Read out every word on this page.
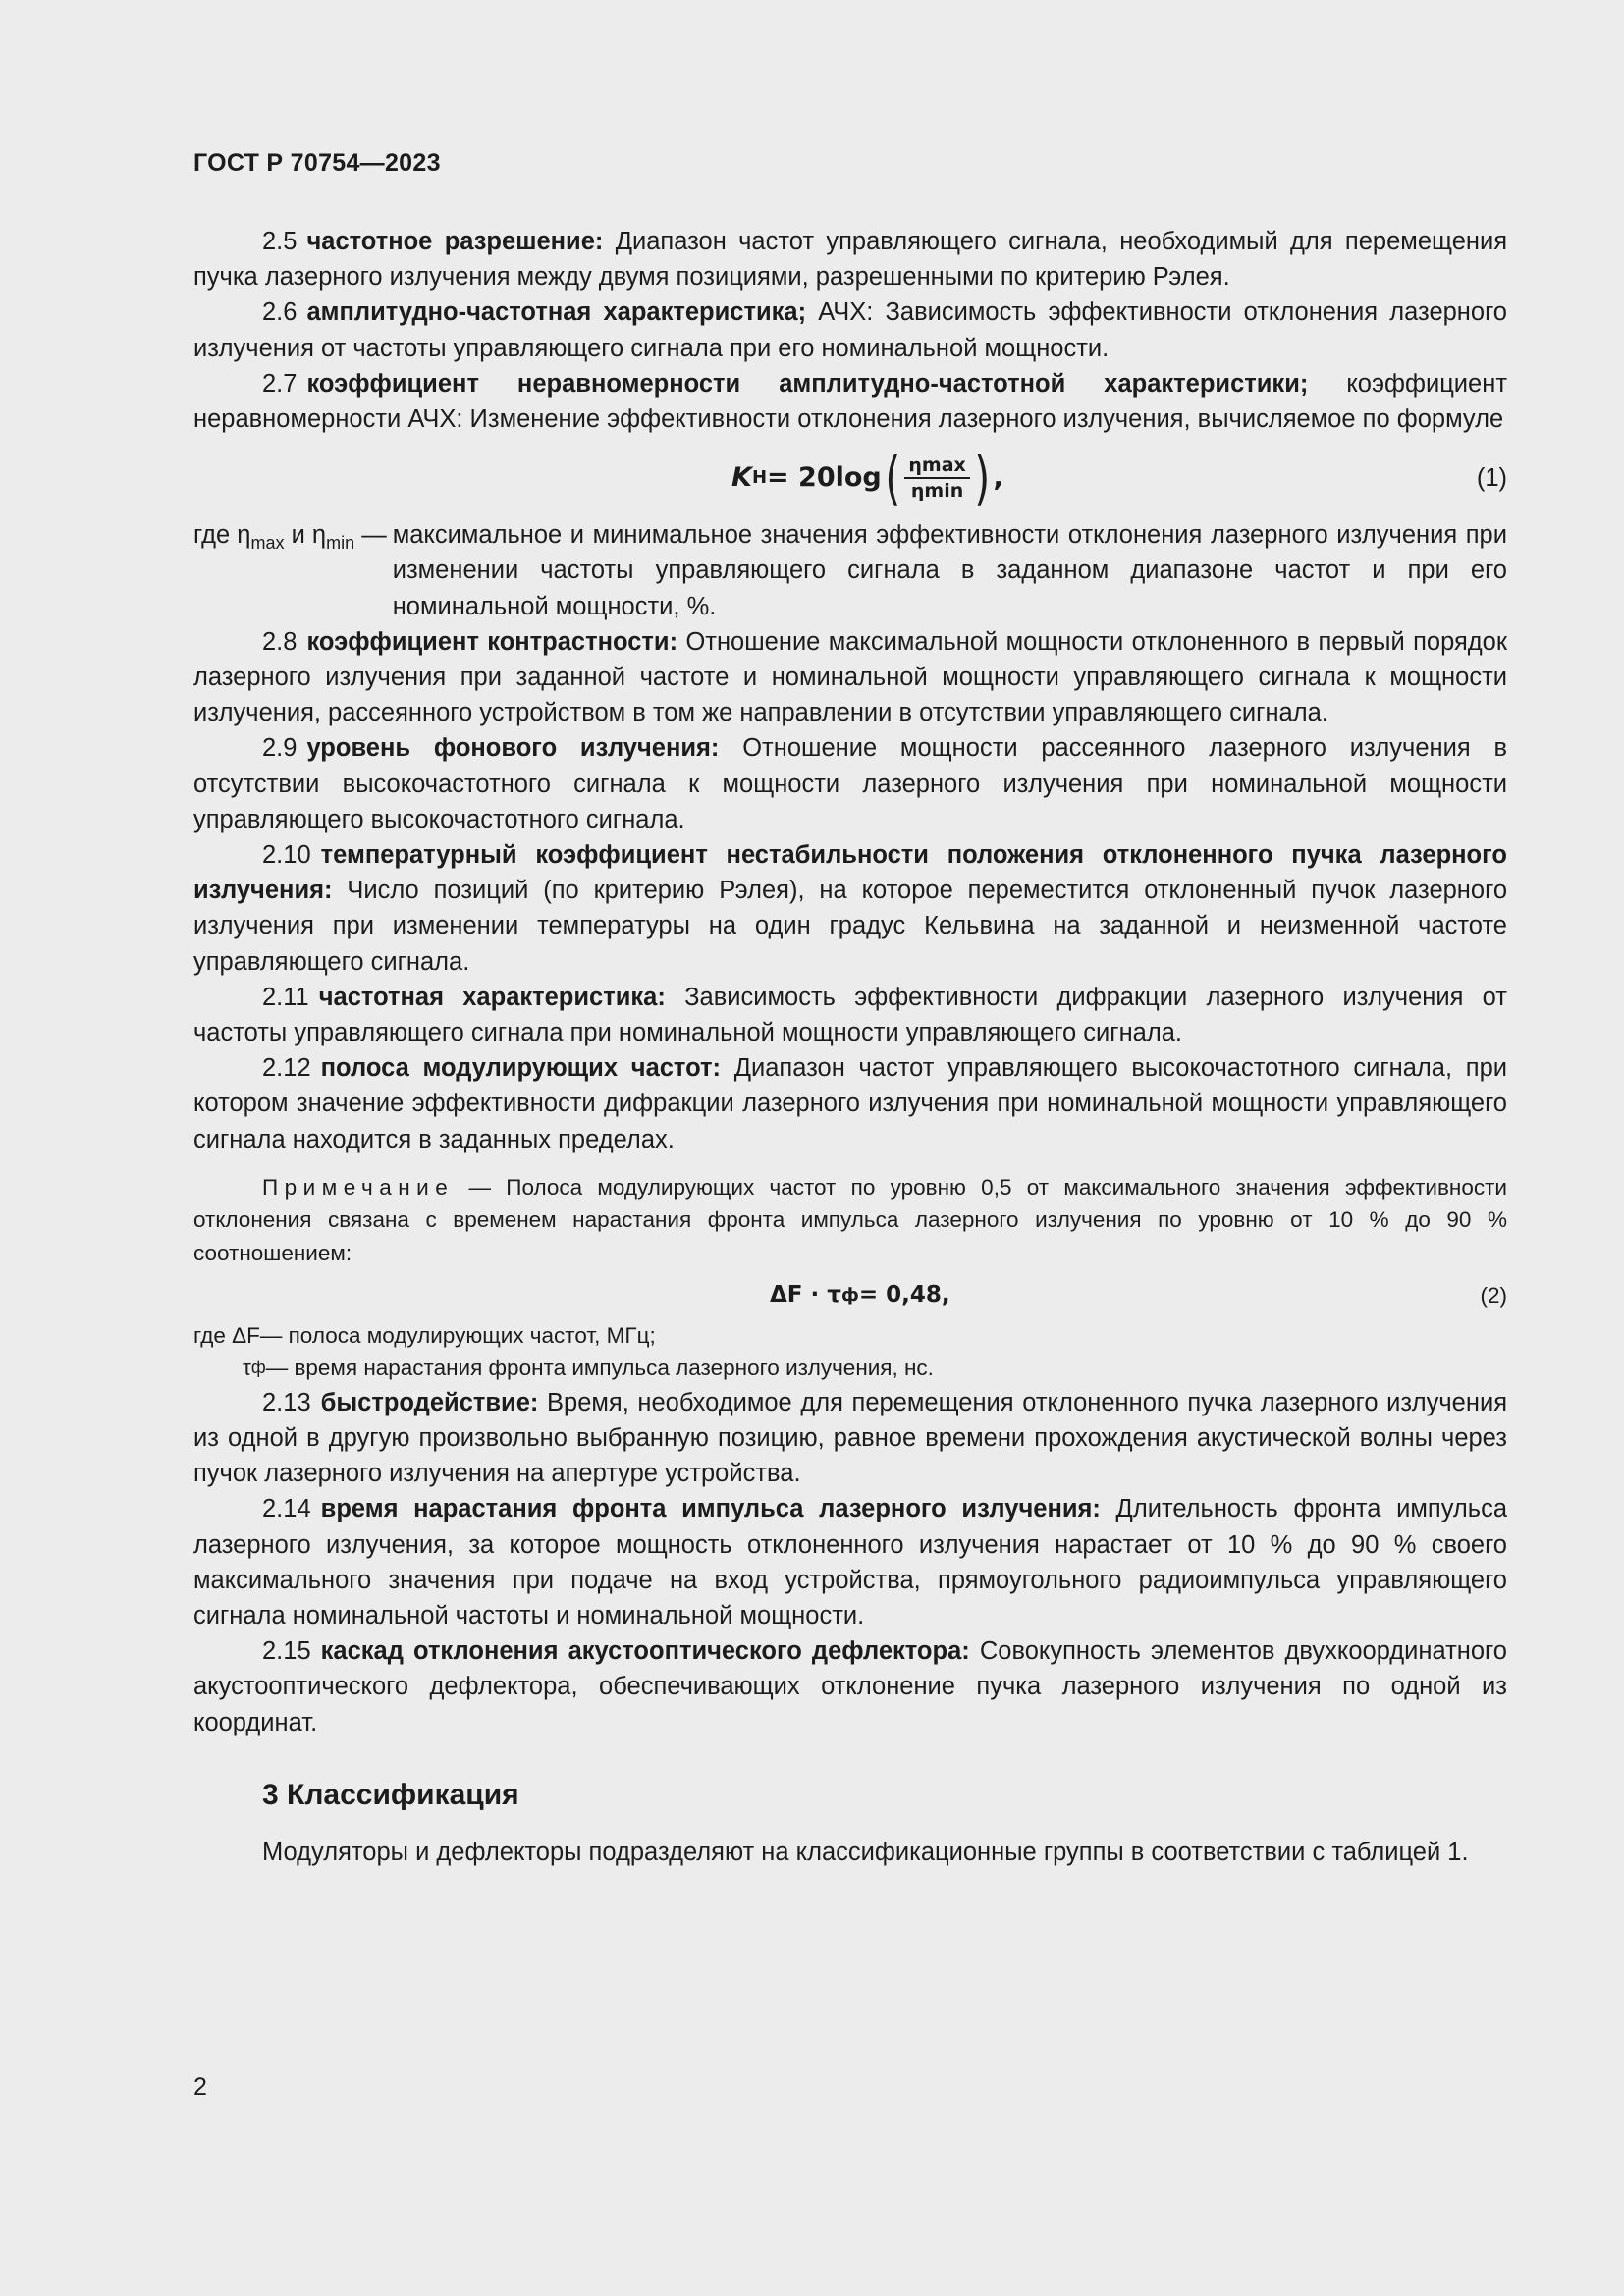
ГОСТ Р 70754—2023

2.5 частотное разрешение: Диапазон частот управляющего сигнала, необходимый для перемещения пучка лазерного излучения между двумя позициями, разрешенными по критерию Рэлея.

2.6 амплитудно-частотная характеристика; АЧХ: Зависимость эффективности отклонения лазерного излучения от частоты управляющего сигнала при его номинальной мощности.

2.7 коэффициент неравномерности амплитудно-частотной характеристики; коэффициент неравномерности АЧХ: Изменение эффективности отклонения лазерного излучения, вычисляемое по формуле

K Н = 20log ( $\frac{\eta\max}{\eta\min}$ ) ,	(1)
где $\eta_{max}$ и $\eta_{min}$ — максимальное и минимальное значения эффективности отклонения лазерного излучения при изменении частоты управляющего сигнала в заданном диапазоне частот и при его номинальной мощности, %.

2.8 коэффициент контрастности: Отношение максимальной мощности отклоненного в первый порядок лазерного излучения при заданной частоте и номинальной мощности управляющего сигнала к мощности излучения, рассеянного устройством в том же направлении в отсутствии управляющего сигнала.

2.9 уровень фонового излучения: Отношение мощности рассеянного лазерного излучения в отсутствии высокочастотного сигнала к мощности лазерного излучения при номинальной мощности управляющего высокочастотного сигнала.

2.10 температурный коэффициент нестабильности положения отклоненного пучка лазерного излучения: Число позиций (по критерию Рэлея), на которое переместится отклоненный пучок лазерного излучения при изменении температуры на один градус Кельвина на заданной и неизменной частоте управляющего сигнала.

2.11 частотная характеристика: Зависимость эффективности дифракции лазерного излучения от частоты управляющего сигнала при номинальной мощности управляющего сигнала.

2.12 полоса модулирующих частот: Диапазон частот управляющего высокочастотного сигнала, при котором значение эффективности дифракции лазерного излучения при номинальной мощности управляющего сигнала находится в заданных пределах.

Примечание — Полоса модулирующих частот по уровню 0,5 от максимального значения эффективности отклонения связана с временем нарастания фронта импульса лазерного излучения по уровню от 10 % до 90 % соотношением:

ΔF · τ ф = 0,48,	(2)
где ΔF — полоса модулирующих частот, МГц;
τ ф — время нарастания фронта импульса лазерного излучения, нс.

2.13 быстродействие: Время, необходимое для перемещения отклоненного пучка лазерного излучения из одной в другую произвольно выбранную позицию, равное времени прохождения акустической волны через пучок лазерного излучения на апертуре устройства.

2.14 время нарастания фронта импульса лазерного излучения: Длительность фронта импульса лазерного излучения, за которое мощность отклоненного излучения нарастает от 10 % до 90 % своего максимального значения при подаче на вход устройства, прямоугольного радиоимпульса управляющего сигнала номинальной частоты и номинальной мощности.

2.15 каскад отклонения акустооптического дефлектора: Совокупность элементов двухкоординатного акустооптического дефлектора, обеспечивающих отклонение пучка лазерного излучения по одной из координат.

3 Классификация

Модуляторы и дефлекторы подразделяют на классификационные группы в соответствии с таблицей 1.

2
